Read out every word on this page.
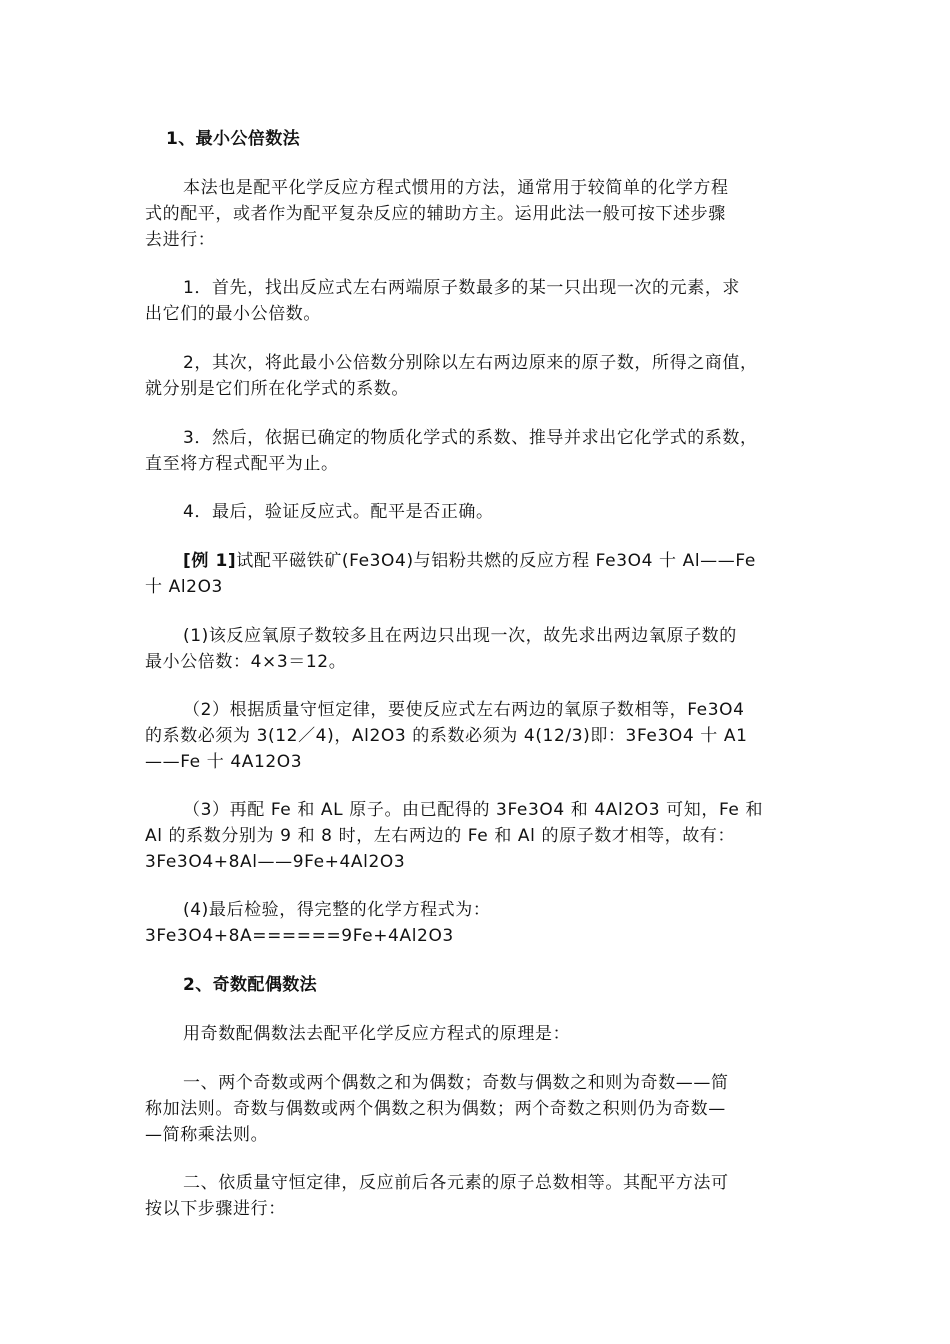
1、最小公倍数法
本法也是配平化学反应方程式惯用的方法，通常用于较简单的化学方程
式的配平，或者作为配平复杂反应的辅助方主。运用此法一般可按下述步骤
去进行：
1．首先，找出反应式左右两端原子数最多的某一只出现一次的元素，求
出它们的最小公倍数。
2，其次，将此最小公倍数分别除以左右两边原来的原子数，所得之商值，
就分别是它们所在化学式的系数。
3．然后，依据已确定的物质化学式的系数、推导并求出它化学式的系数，
直至将方程式配平为止。
4．最后，验证反应式。配平是否正确。
[例 1]试配平磁铁矿(Fe3O4)与铝粉共燃的反应方程 Fe3O4 十 Al——Fe
十 Al2O3
(1)该反应氧原子数较多且在两边只出现一次，故先求出两边氧原子数的
最小公倍数：4×3＝12。
（2）根据质量守恒定律，要使反应式左右两边的氧原子数相等，Fe3O4
的系数必须为 3(12／4)，Al2O3 的系数必须为 4(12/3)即：3Fe3O4 十 A1
——Fe 十 4A12O3
（3）再配 Fe 和 AL 原子。由已配得的 3Fe3O4 和 4Al2O3 可知，Fe 和
Al 的系数分别为 9 和 8 时，左右两边的 Fe 和 Al 的原子数才相等，故有：
3Fe3O4+8Al——9Fe+4Al2O3
(4)最后检验，得完整的化学方程式为：
3Fe3O4+8A======9Fe+4Al2O3
2、奇数配偶数法
用奇数配偶数法去配平化学反应方程式的原理是：
一、两个奇数或两个偶数之和为偶数；奇数与偶数之和则为奇数——简
称加法则。奇数与偶数或两个偶数之积为偶数；两个奇数之积则仍为奇数—
—简称乘法则。
二、依质量守恒定律，反应前后各元素的原子总数相等。其配平方法可
按以下步骤进行：
